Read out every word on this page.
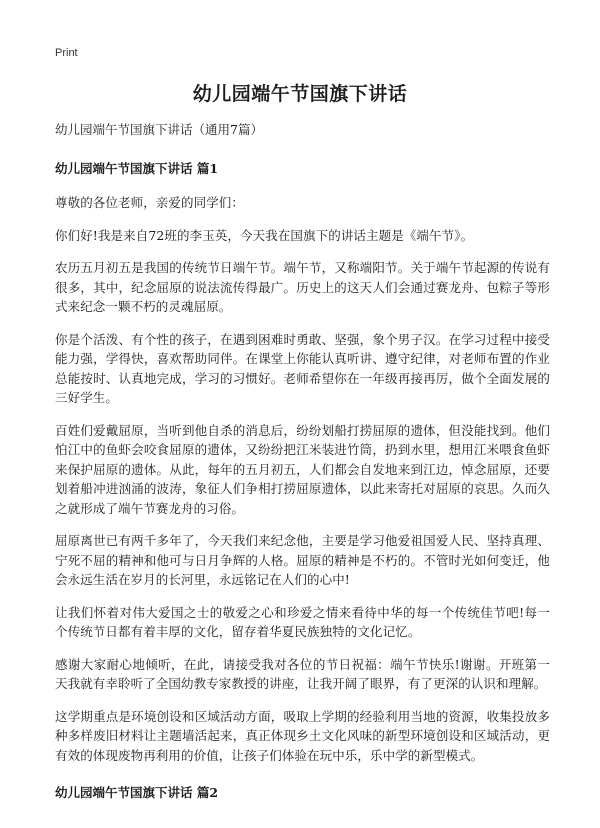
Print
幼儿园端午节国旗下讲话
幼儿园端午节国旗下讲话（通用7篇）
幼儿园端午节国旗下讲话 篇1

尊敬的各位老师，亲爱的同学们：

你们好!我是来自72班的李玉英，今天我在国旗下的讲话主题是《端午节》。

农历五月初五是我国的传统节日端午节。端午节，又称端阳节。关于端午节起源的传说有很多，其中，纪念屈原的说法流传得最广。历史上的这天人们会通过赛龙舟、包粽子等形式来纪念一颗不朽的灵魂屈原。

你是个活泼、有个性的孩子，在遇到困难时勇敢、坚强，象个男子汉。在学习过程中接受能力强，学得快，喜欢帮助同伴。在课堂上你能认真听讲、遵守纪律，对老师布置的作业总能按时、认真地完成，学习的习惯好。老师希望你在一年级再接再厉，做个全面发展的三好学生。

百姓们爱戴屈原，当听到他自杀的消息后，纷纷划船打捞屈原的遗体，但没能找到。他们怕江中的鱼虾会咬食屈原的遗体，又纷纷把江米装进竹筒，扔到水里，想用江米喂食鱼虾来保护屈原的遗体。从此，每年的五月初五，人们都会自发地来到江边，悼念屈原，还要划着船冲进汹涌的波涛，象征人们争相打捞屈原遗体，以此来寄托对屈原的哀思。久而久之就形成了端午节赛龙舟的习俗。

屈原离世已有两千多年了，今天我们来纪念他，主要是学习他爱祖国爱人民、坚持真理、宁死不屈的精神和他可与日月争辉的人格。屈原的精神是不朽的。不管时光如何变迁，他会永远生活在岁月的长河里，永远铭记在人们的心中!

让我们怀着对伟大爱国之士的敬爱之心和珍爱之情来看待中华的每一个传统佳节吧!每一个传统节日都有着丰厚的文化，留存着华夏民族独特的文化记忆。

感谢大家耐心地倾听，在此，请接受我对各位的节日祝福：端午节快乐!谢谢。开班第一天我就有幸聆听了全国幼教专家教授的讲座，让我开阔了眼界，有了更深的认识和理解。

这学期重点是环境创设和区域活动方面，吸取上学期的经验利用当地的资源，收集投放多种多样废旧材料让主题墙活起来，真正体现乡土文化风味的新型环境创设和区域活动，更有效的体现废物再利用的价值，让孩子们体验在玩中乐，乐中学的新型模式。

幼儿园端午节国旗下讲话 篇2
